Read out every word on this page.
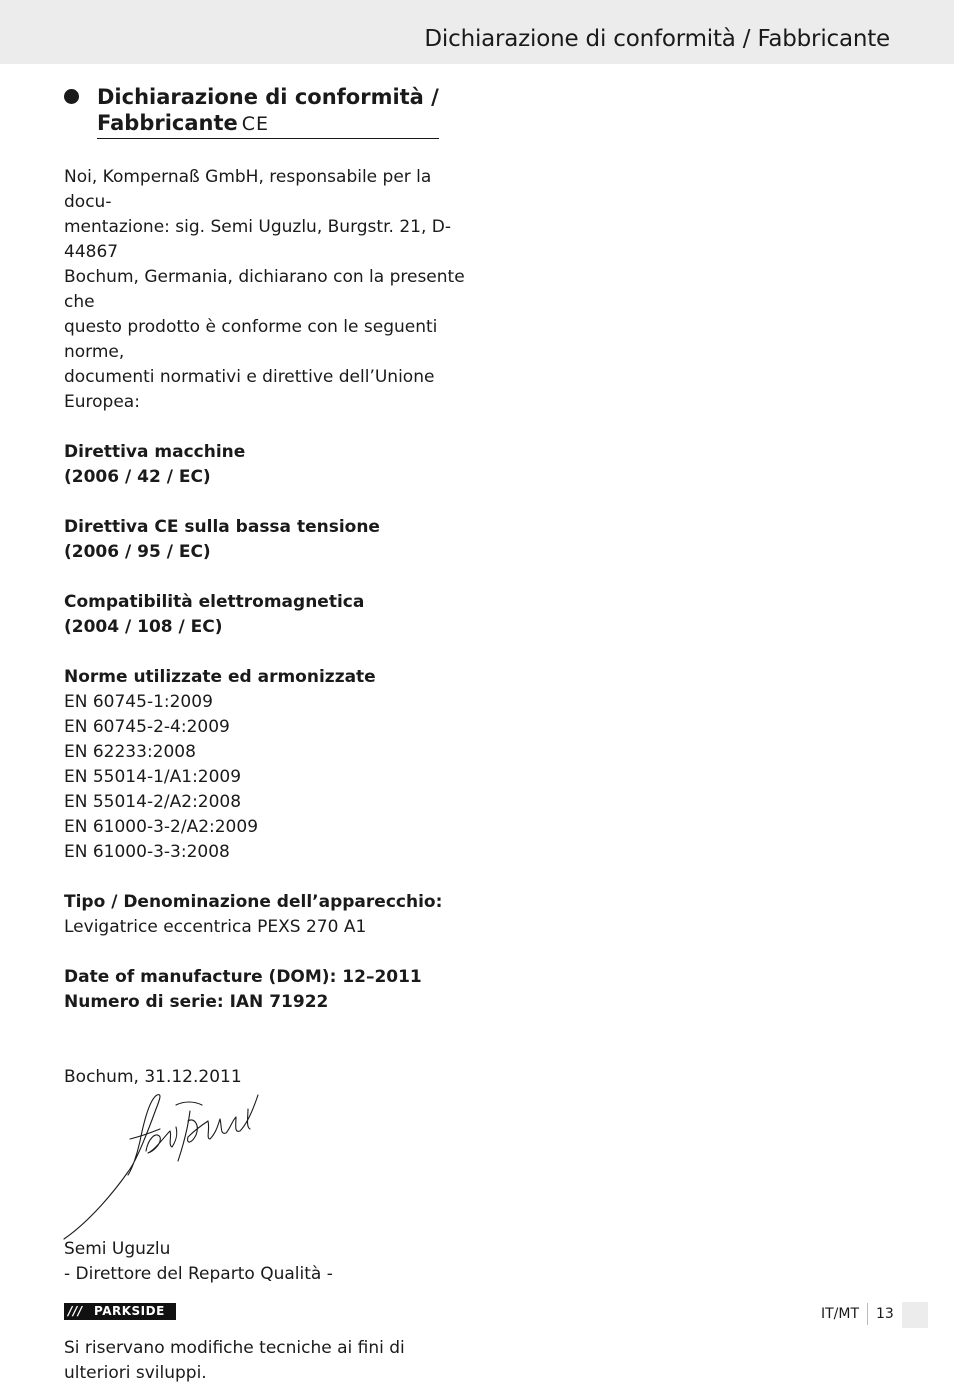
Dichiarazione di conformità / Fabbricante
Dichiarazione di conformità /
Fabbricante CE

Noi, Kompernaß GmbH, responsabile per la docu-

mentazione: sig. Semi Uguzlu, Burgstr. 21, D-44867

Bochum, Germania, dichiarano con la presente che

questo prodotto è conforme con le seguenti norme,

documenti normativi e direttive dell’Unione Europea:

Direttiva macchine

(2006 / 42 / EC)

Direttiva CE sulla bassa tensione

(2006 / 95 / EC)

Compatibilità elettromagnetica

(2004 / 108 / EC)

Norme utilizzate ed armonizzate

EN 60745-1:2009

EN 60745-2-4:2009

EN 62233:2008

EN 55014-1/A1:2009

EN 55014-2/A2:2008

EN 61000-3-2/A2:2009

EN 61000-3-3:2008

Tipo / Denominazione dell’apparecchio:

Levigatrice eccentrica PEXS 270 A1

Date of manufacture (DOM): 12–2011

Numero di serie: IAN 71922

Bochum, 31.12.2011

Semi Uguzlu

- Direttore del Reparto Qualità -

Si riservano modifiche tecniche ai fini di

ulteriori sviluppi.

/// PARKSIDE	IT/MT 13
